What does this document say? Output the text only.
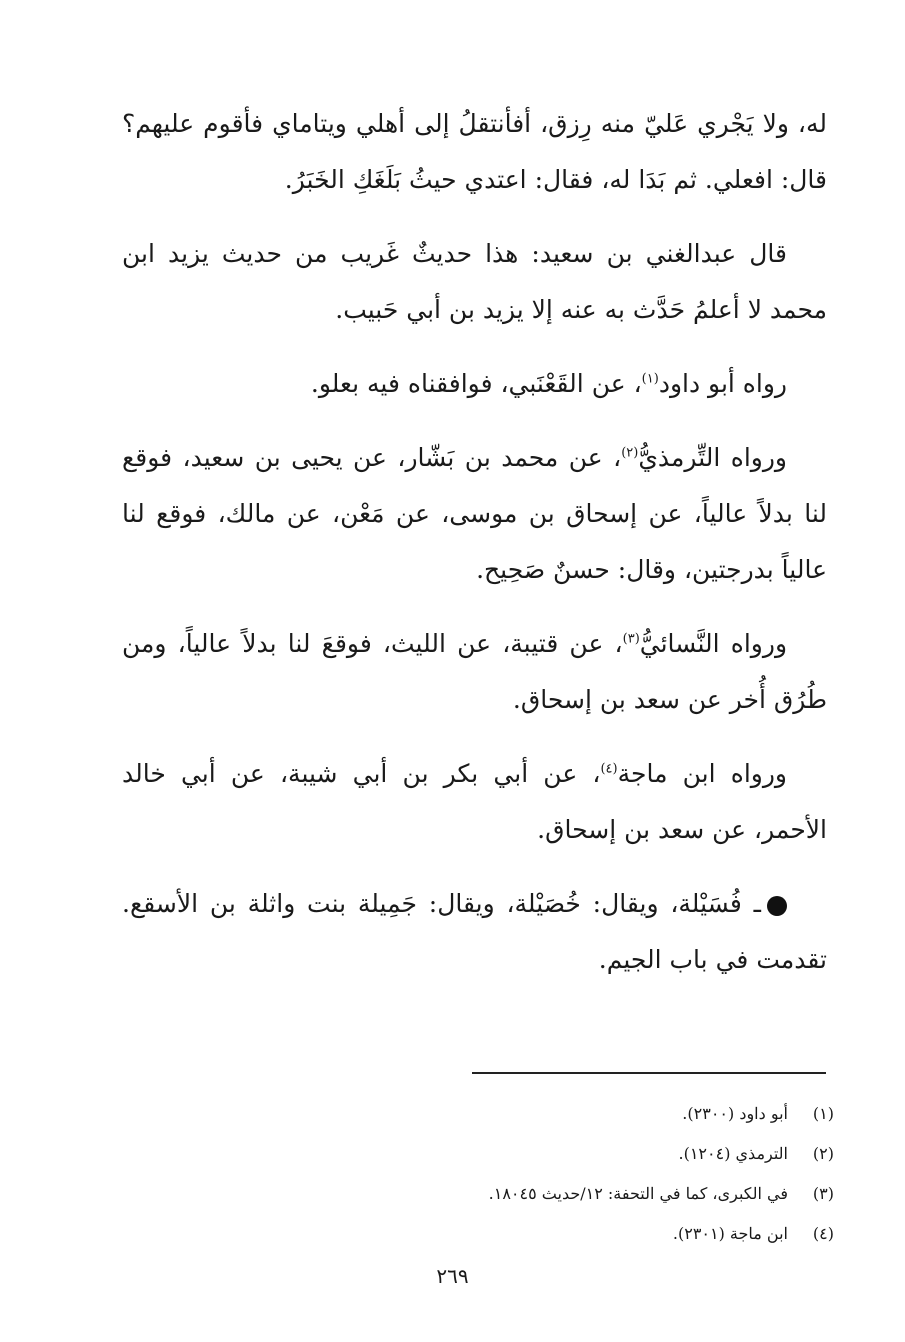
له، ولا يَجْري عَليّ منه رِزق، أفأنتقلُ إلى أهلي ويتاماي فأقوم عليهم؟ قال: افعلي. ثم بَدَا له، فقال: اعتدي حيثُ بَلَغَكِ الخَبَرُ.

قال عبدالغني بن سعيد: هذا حديثٌ غَريب من حديث يزيد ابن محمد لا أعلمُ حَدَّث به عنه إلا يزيد بن أبي حَبيب.

رواه أبو داود$^{(١)}$، عن القَعْنَبي، فوافقناه فيه بعلو.

ورواه التِّرمذيُّ$^{(٢)}$، عن محمد بن بَشّار، عن يحيى بن سعيد، فوقع لنا بدلاً عالياً، عن إسحاق بن موسى، عن مَعْن، عن مالك، فوقع لنا عالياً بدرجتين، وقال: حسنٌ صَحِيح.

ورواه النَّسائيُّ$^{(٣)}$، عن قتيبة، عن الليث، فوقعَ لنا بدلاً عالياً، ومن طُرُق أُخر عن سعد بن إسحاق.

ورواه ابن ماجة$^{(٤)}$، عن أبي بكر بن أبي شيبة، عن أبي خالد الأحمر، عن سعد بن إسحاق.

ـ فُسَيْلة، ويقال: خُصَيْلة، ويقال: جَمِيلة بنت واثلة بن الأسقع. تقدمت في باب الجيم.

(١)
أبو داود (٢٣٠٠).
(٢)
الترمذي (١٢٠٤).
(٣)
في الكبرى، كما في التحفة: ١٢/حديث ١٨٠٤٥.
(٤)
ابن ماجة (٢٣٠١).
٢٦٩
